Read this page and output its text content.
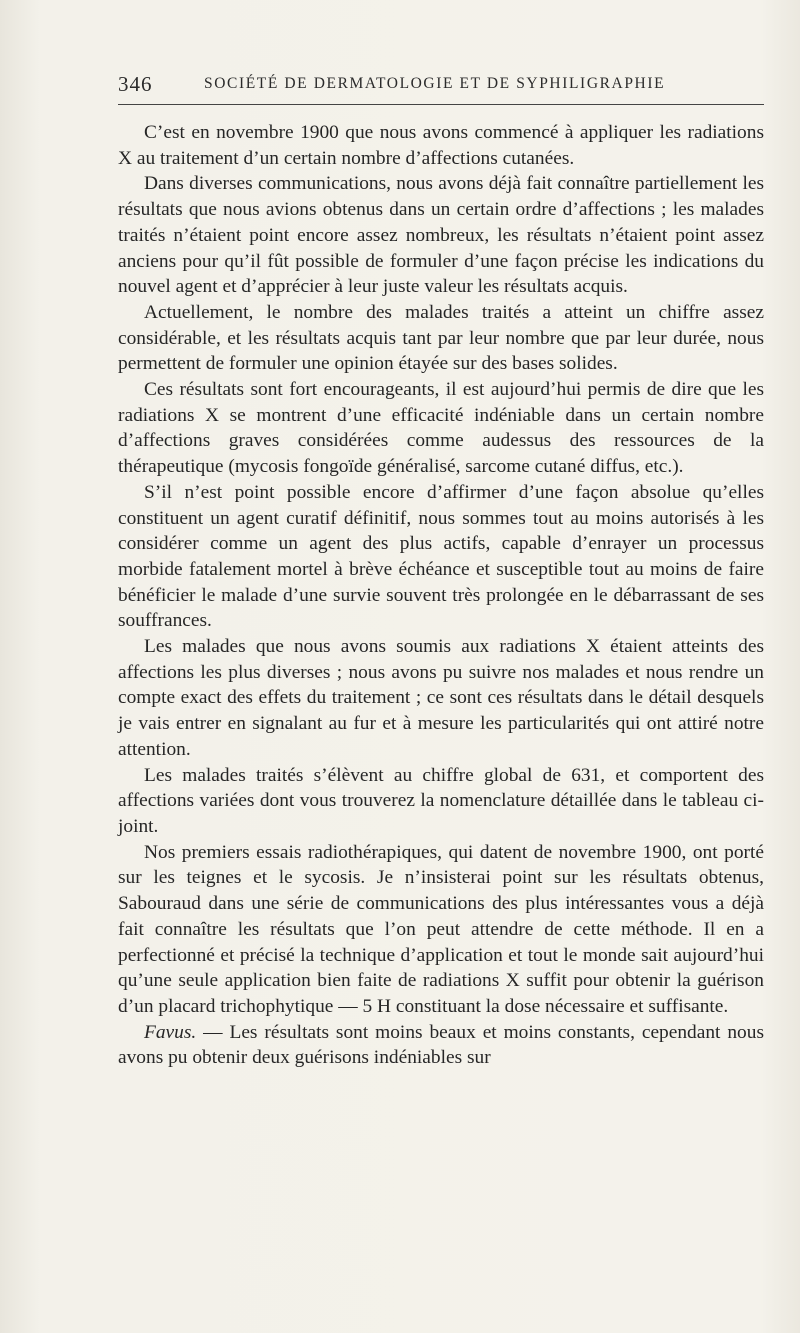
346	SOCIÉTÉ DE DERMATOLOGIE ET DE SYPHILIGRAPHIE

C’est en novembre 1900 que nous avons commencé à appliquer les radiations X au traitement d’un certain nombre d’affections cutanées.

Dans diverses communications, nous avons déjà fait connaître partiellement les résultats que nous avions obtenus dans un certain ordre d’affections ; les malades traités n’étaient point encore assez nombreux, les résultats n’étaient point assez anciens pour qu’il fût possible de formuler d’une façon précise les indications du nouvel agent et d’apprécier à leur juste valeur les résultats acquis.

Actuellement, le nombre des malades traités a atteint un chiffre assez considérable, et les résultats acquis tant par leur nombre que par leur durée, nous permettent de formuler une opinion étayée sur des bases solides.

Ces résultats sont fort encourageants, il est aujourd’hui permis de dire que les radiations X se montrent d’une efficacité indéniable dans un certain nombre d’affections graves considérées comme audessus des ressources de la thérapeutique (mycosis fongoïde généralisé, sarcome cutané diffus, etc.).

S’il n’est point possible encore d’affirmer d’une façon absolue qu’elles constituent un agent curatif définitif, nous sommes tout au moins autorisés à les considérer comme un agent des plus actifs, capable d’enrayer un processus morbide fatalement mortel à brève échéance et susceptible tout au moins de faire bénéficier le malade d’une survie souvent très prolongée en le débarrassant de ses souffrances.

Les malades que nous avons soumis aux radiations X étaient atteints des affections les plus diverses ; nous avons pu suivre nos malades et nous rendre un compte exact des effets du traitement ; ce sont ces résultats dans le détail desquels je vais entrer en signalant au fur et à mesure les particularités qui ont attiré notre attention.

Les malades traités s’élèvent au chiffre global de 631, et comportent des affections variées dont vous trouverez la nomenclature détaillée dans le tableau ci-joint.

Nos premiers essais radiothérapiques, qui datent de novembre 1900, ont porté sur les teignes et le sycosis. Je n’insisterai point sur les résultats obtenus, Sabouraud dans une série de communications des plus intéressantes vous a déjà fait connaître les résultats que l’on peut attendre de cette méthode. Il en a perfectionné et précisé la technique d’application et tout le monde sait aujourd’hui qu’une seule application bien faite de radiations X suffit pour obtenir la guérison d’un placard trichophytique — 5 H constituant la dose nécessaire et suffisante.

Favus. — Les résultats sont moins beaux et moins constants, cependant nous avons pu obtenir deux guérisons indéniables sur
